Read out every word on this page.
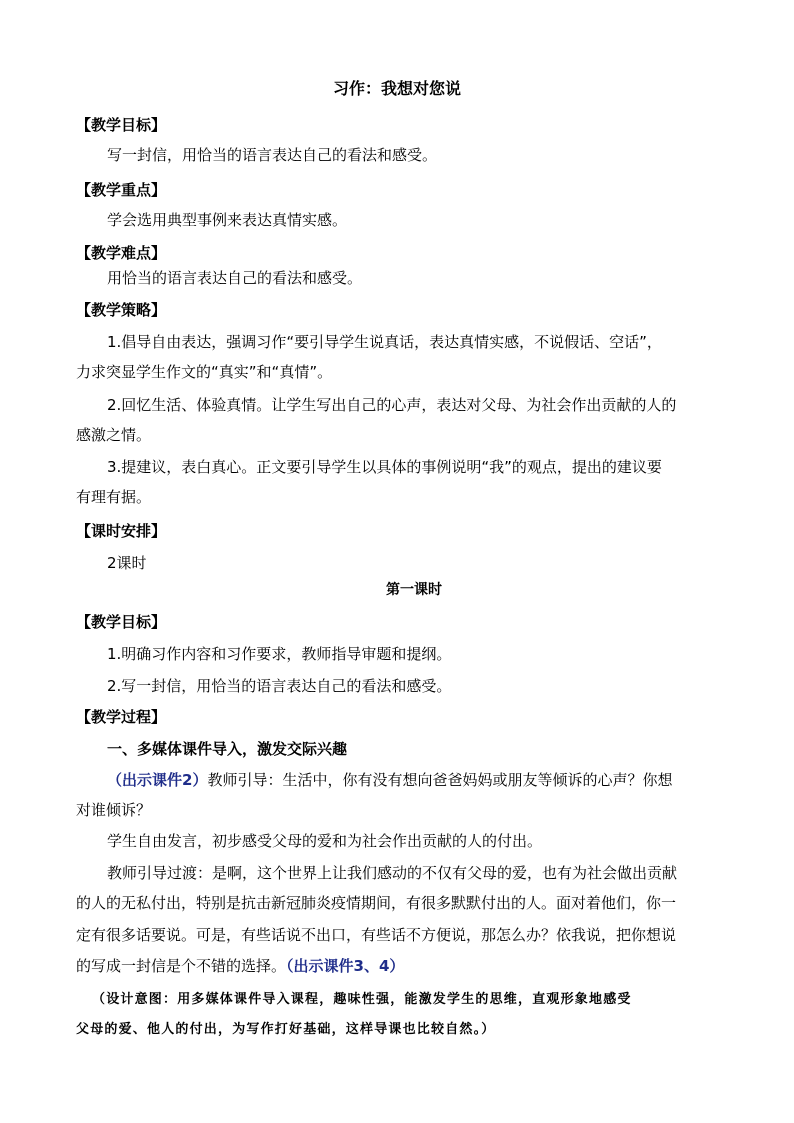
习作：我想对您说
【教学目标】
写一封信，用恰当的语言表达自己的看法和感受。
【教学重点】
学会选用典型事例来表达真情实感。
【教学难点】
用恰当的语言表达自己的看法和感受。
【教学策略】
1.倡导自由表达，强调习作“要引导学生说真话，表达真情实感，不说假话、空话”，
力求突显学生作文的“真实”和“真情”。
2.回忆生活、体验真情。让学生写出自己的心声，表达对父母、为社会作出贡献的人的
感激之情。
3.提建议，表白真心。正文要引导学生以具体的事例说明“我”的观点，提出的建议要
有理有据。
【课时安排】
2课时
第一课时
【教学目标】
1.明确习作内容和习作要求，教师指导审题和提纲。
2.写一封信，用恰当的语言表达自己的看法和感受。
【教学过程】
一、多媒体课件导入，激发交际兴趣
（出示课件2）教师引导：生活中，你有没有想向爸爸妈妈或朋友等倾诉的心声？你想
对谁倾诉？
学生自由发言，初步感受父母的爱和为社会作出贡献的人的付出。
教师引导过渡：是啊，这个世界上让我们感动的不仅有父母的爱，也有为社会做出贡献
的人的无私付出，特别是抗击新冠肺炎疫情期间，有很多默默付出的人。面对着他们，你一
定有很多话要说。可是，有些话说不出口，有些话不方便说，那怎么办？依我说，把你想说
的写成一封信是个不错的选择。（出示课件3、4）
（设计意图：用多媒体课件导入课程，趣味性强，能激发学生的思维，直观形象地感受
父母的爱、他人的付出，为写作打好基础，这样导课也比较自然。）
